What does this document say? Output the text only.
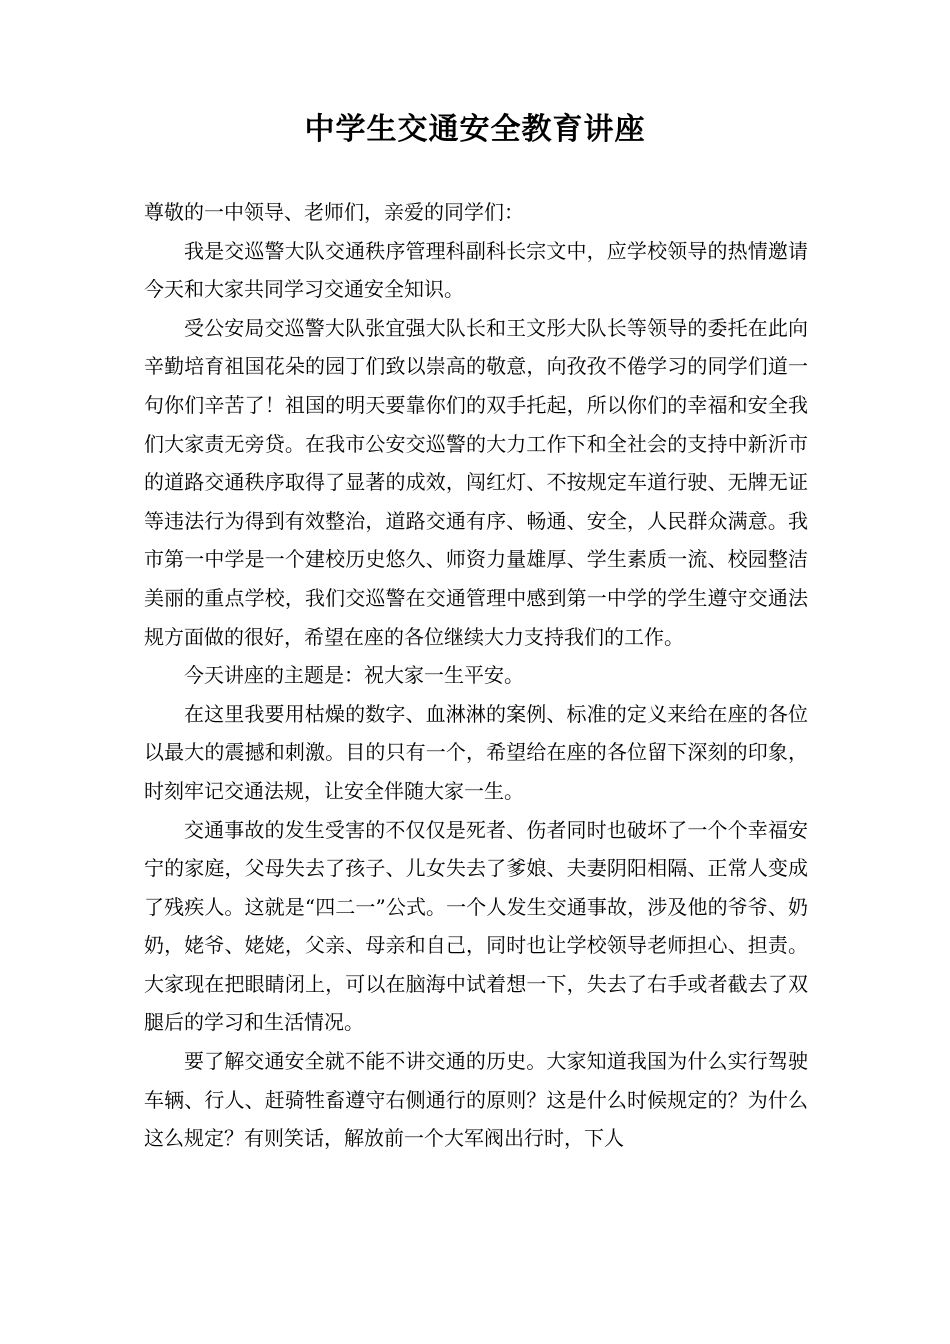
中学生交通安全教育讲座

尊敬的一中领导、老师们，亲爱的同学们：

我是交巡警大队交通秩序管理科副科长宗文中，应学校领导的热情邀请今天和大家共同学习交通安全知识。

受公安局交巡警大队张宜强大队长和王文彤大队长等领导的委托在此向辛勤培育祖国花朵的园丁们致以崇高的敬意，向孜孜不倦学习的同学们道一句你们辛苦了！祖国的明天要靠你们的双手托起，所以你们的幸福和安全我们大家责无旁贷。在我市公安交巡警的大力工作下和全社会的支持中新沂市的道路交通秩序取得了显著的成效，闯红灯、不按规定车道行驶、无牌无证等违法行为得到有效整治，道路交通有序、畅通、安全，人民群众满意。我市第一中学是一个建校历史悠久、师资力量雄厚、学生素质一流、校园整洁美丽的重点学校，我们交巡警在交通管理中感到第一中学的学生遵守交通法规方面做的很好，希望在座的各位继续大力支持我们的工作。

今天讲座的主题是：祝大家一生平安。

在这里我要用枯燥的数字、血淋淋的案例、标准的定义来给在座的各位以最大的震撼和刺激。目的只有一个，希望给在座的各位留下深刻的印象，时刻牢记交通法规，让安全伴随大家一生。

交通事故的发生受害的不仅仅是死者、伤者同时也破坏了一个个幸福安宁的家庭，父母失去了孩子、儿女失去了爹娘、夫妻阴阳相隔、正常人变成了残疾人。这就是“四二一”公式。一个人发生交通事故，涉及他的爷爷、奶奶，姥爷、姥姥，父亲、母亲和自己，同时也让学校领导老师担心、担责。大家现在把眼睛闭上，可以在脑海中试着想一下，失去了右手或者截去了双腿后的学习和生活情况。

要了解交通安全就不能不讲交通的历史。大家知道我国为什么实行驾驶车辆、行人、赶骑牲畜遵守右侧通行的原则？这是什么时候规定的？为什么这么规定？有则笑话，解放前一个大军阀出行时，下人
